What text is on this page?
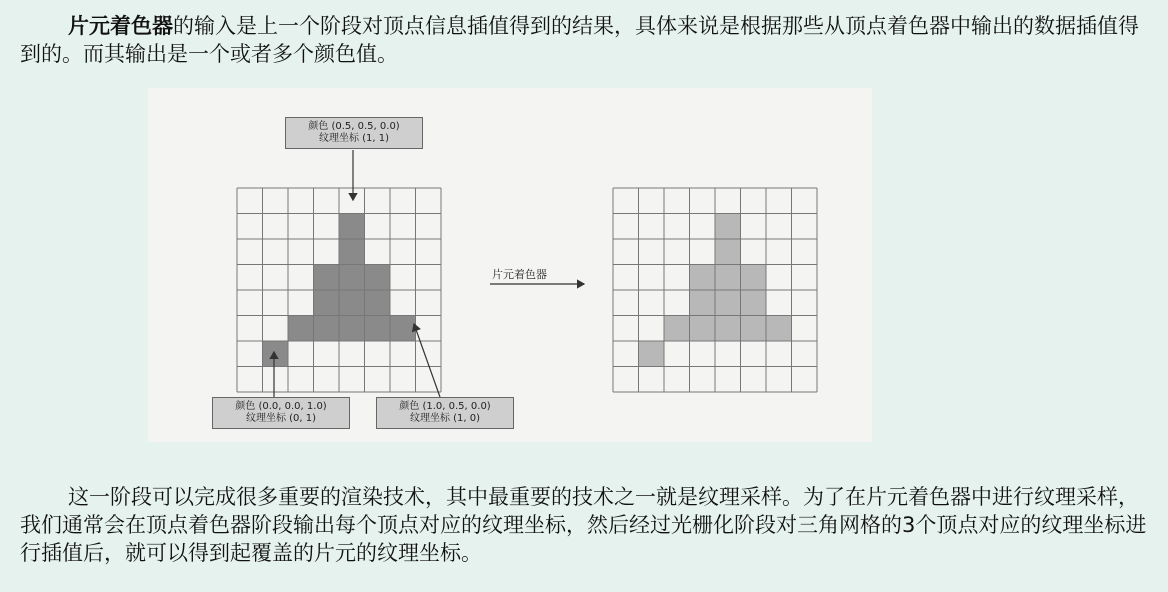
片元着色器的输入是上一个阶段对顶点信息插值得到的结果，具体来说是根据那些从顶点着色器中输出的数据插值得到的。而其输出是一个或者多个颜色值。

颜色 (0.5, 0.5, 0.0)
纹理坐标 (1, 1)
颜色 (0.0, 0.0, 1.0)
纹理坐标 (0, 1)
颜色 (1.0, 0.5, 0.0)
纹理坐标 (1, 0)
片元着色器

这一阶段可以完成很多重要的渲染技术，其中最重要的技术之一就是纹理采样。为了在片元着色器中进行纹理采样，我们通常会在顶点着色器阶段输出每个顶点对应的纹理坐标，然后经过光栅化阶段对三角网格的3个顶点对应的纹理坐标进行插值后，就可以得到起覆盖的片元的纹理坐标。
